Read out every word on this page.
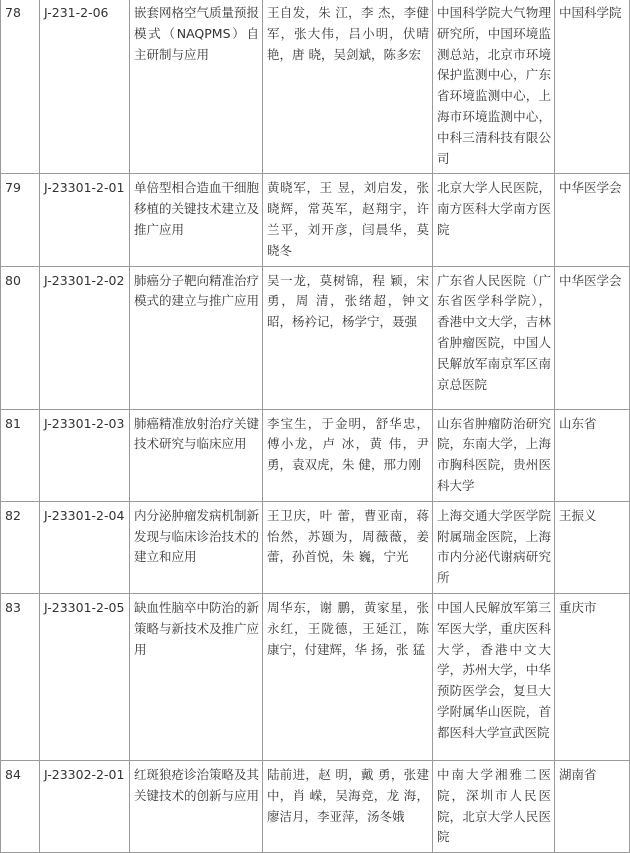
78	J-231-2-06	嵌套网格空气质量预报模式（NAQPMS）自主研制与应用	王自发，朱 江，李 杰，李健军，张大伟，吕小明，伏晴艳，唐 晓，吴剑斌，陈多宏	中国科学院大气物理研究所，中国环境监测总站，北京市环境保护监测中心，广东省环境监测中心，上海市环境监测中心，中科三清科技有限公司	中国科学院
79	J-23301-2-01	单倍型相合造血干细胞移植的关键技术建立及推广应用	黄晓军，王 昱，刘启发，张晓辉，常英军，赵翔宇，许兰平，刘开彦，闫晨华，莫晓冬	北京大学人民医院，南方医科大学南方医院	中华医学会
80	J-23301-2-02	肺癌分子靶向精准治疗模式的建立与推广应用	吴一龙，莫树锦，程 颖，宋 勇，周 清，张绪超，钟文昭，杨衿记，杨学宁，聂强	广东省人民医院（广东省医学科学院），香港中文大学，吉林省肿瘤医院，中国人民解放军南京军区南京总医院	中华医学会
81	J-23301-2-03	肺癌精准放射治疗关键技术研究与临床应用	李宝生，于金明，舒华忠，傅小龙，卢 冰，黄 伟，尹 勇，袁双虎，朱 健，邢力刚	山东省肿瘤防治研究院，东南大学，上海市胸科医院，贵州医科大学	山东省
82	J-23301-2-04	内分泌肿瘤发病机制新发现与临床诊治技术的建立和应用	王卫庆，叶 蕾，曹亚南，蒋怡然，苏颋为，周薇薇，姜 蕾，孙首悦，朱 巍，宁光	上海交通大学医学院附属瑞金医院，上海市内分泌代谢病研究所	王振义
83	J-23301-2-05	缺血性脑卒中防治的新策略与新技术及推广应用	周华东，谢 鹏，黄家星，张永红，王陇德，王延江，陈康宁，付建辉，华 扬，张 猛	中国人民解放军第三军医大学，重庆医科大学，香港中文大学，苏州大学，中华预防医学会，复旦大学附属华山医院，首都医科大学宣武医院	重庆市
84	J-23302-2-01	红斑狼疮诊治策略及其关键技术的创新与应用	陆前进，赵 明，戴 勇，张建中，肖 嵘，吴海竞，龙 海，廖洁月，李亚萍，汤冬娥	中南大学湘雅二医院，深圳市人民医院，北京大学人民医院	湖南省
